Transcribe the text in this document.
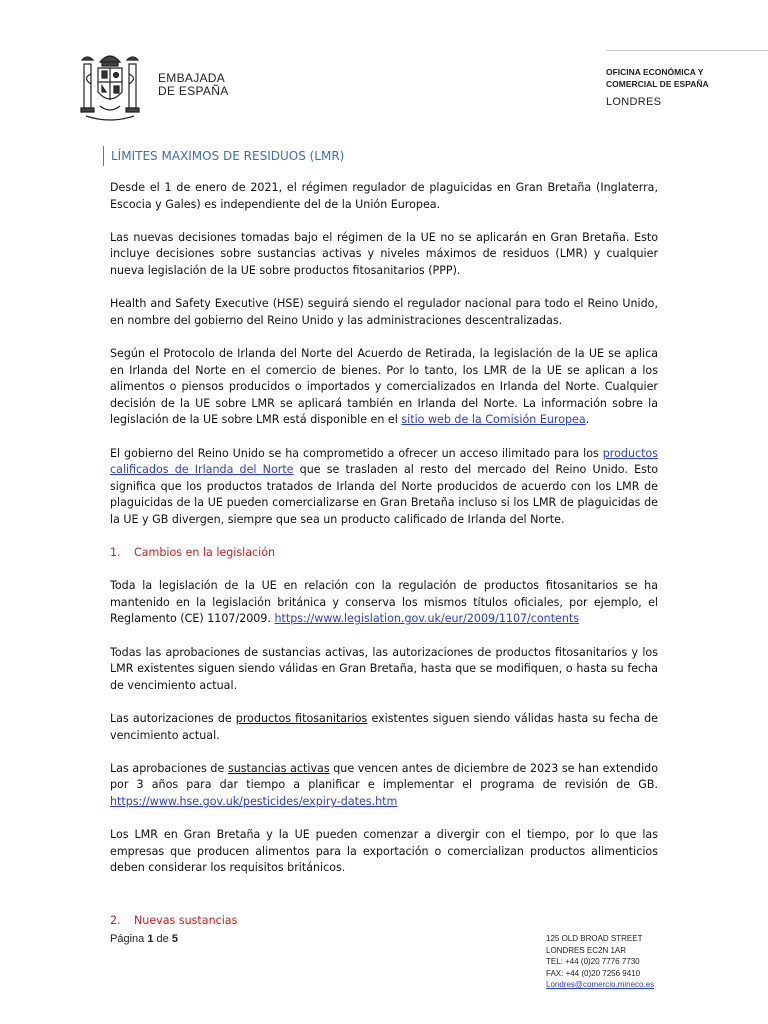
EMBAJADA
DE ESPAÑA
OFICINA ECONÓMICA Y
COMERCIAL DE ESPAÑA
LONDRES
LÍMITES MAXIMOS DE RESIDUOS (LMR)

Desde el 1 de enero de 2021, el régimen regulador de plaguicidas en Gran Bretaña (Inglaterra, Escocia y Gales) es independiente del de la Unión Europea.

Las nuevas decisiones tomadas bajo el régimen de la UE no se aplicarán en Gran Bretaña. Esto incluye decisiones sobre sustancias activas y niveles máximos de residuos (LMR) y cualquier nueva legislación de la UE sobre productos fitosanitarios (PPP).

Health and Safety Executive (HSE) seguirá siendo el regulador nacional para todo el Reino Unido, en nombre del gobierno del Reino Unido y las administraciones descentralizadas.

Según el Protocolo de Irlanda del Norte del Acuerdo de Retirada, la legislación de la UE se aplica en Irlanda del Norte en el comercio de bienes. Por lo tanto, los LMR de la UE se aplican a los alimentos o piensos producidos o importados y comercializados en Irlanda del Norte. Cualquier decisión de la UE sobre LMR se aplicará también en Irlanda del Norte. La información sobre la legislación de la UE sobre LMR está disponible en el sitio web de la Comisión Europea.

El gobierno del Reino Unido se ha comprometido a ofrecer un acceso ilimitado para los productos calificados de Irlanda del Norte que se trasladen al resto del mercado del Reino Unido. Esto significa que los productos tratados de Irlanda del Norte producidos de acuerdo con los LMR de plaguicidas de la UE pueden comercializarse en Gran Bretaña incluso si los LMR de plaguicidas de la UE y GB divergen, siempre que sea un producto calificado de Irlanda del Norte.

1. Cambios en la legislación

Toda la legislación de la UE en relación con la regulación de productos fitosanitarios se ha mantenido en la legislación británica y conserva los mismos títulos oficiales, por ejemplo, el Reglamento (CE) 1107/2009. https://www.legislation.gov.uk/eur/2009/1107/contents

Todas las aprobaciones de sustancias activas, las autorizaciones de productos fitosanitarios y los LMR existentes siguen siendo válidas en Gran Bretaña, hasta que se modifiquen, o hasta su fecha de vencimiento actual.

Las autorizaciones de productos fitosanitarios existentes siguen siendo válidas hasta su fecha de vencimiento actual.

Las aprobaciones de sustancias activas que vencen antes de diciembre de 2023 se han extendido por 3 años para dar tiempo a planificar e implementar el programa de revisión de GB. https://www.hse.gov.uk/pesticides/expiry-dates.htm

Los LMR en Gran Bretaña y la UE pueden comenzar a divergir con el tiempo, por lo que las empresas que producen alimentos para la exportación o comercializan productos alimenticios deben considerar los requisitos británicos.

2. Nuevas sustancias
Página 1 de 5	125 OLD BROAD STREET
LONDRES EC2N 1AR
TEL: +44 (0)20 7776 7730
FAX: +44 (0)20 7256 9410
Londres@comercio.mineco.es
